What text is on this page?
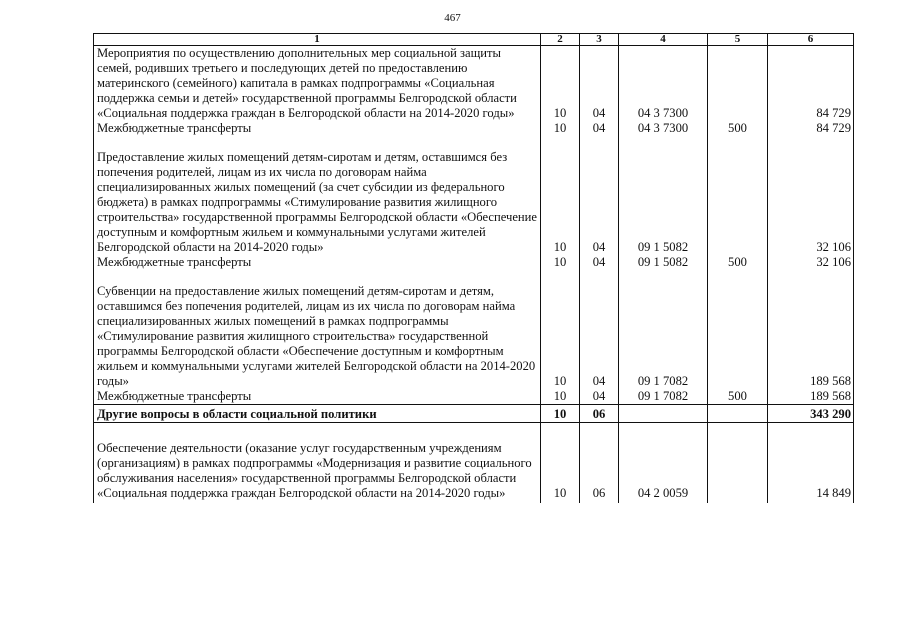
467
1	2	3	4	5	6
Мероприятия по осуществлению дополнительных мер социальной защиты семей, родивших третьего и последующих детей по предоставлению материнского (семейного) капитала в рамках подпрограммы «Социальная поддержка семьи и детей» государственной программы Белгородской области «Социальная поддержка граждан в Белгородской области на 2014-2020 годы»	10	04	04 3 7300		84 729
Межбюджетные трансферты	10	04	04 3 7300	500	84 729

Предоставление жилых помещений детям-сиротам и детям, оставшимся без попечения родителей, лицам из их числа по договорам найма специализированных жилых помещений (за счет субсидии из федерального бюджета) в рамках подпрограммы «Стимулирование развития жилищного строительства» государственной программы Белгородской области «Обеспечение доступным и комфортным жильем и коммунальными услугами жителей Белгородской области на 2014-2020 годы»	10	04	09 1 5082		32 106
Межбюджетные трансферты	10	04	09 1 5082	500	32 106

Субвенции на предоставление жилых помещений детям-сиротам и детям, оставшимся без попечения родителей, лицам из их числа по договорам найма специализированных жилых помещений в рамках подпрограммы «Стимулирование развития жилищного строительства» государственной программы Белгородской области «Обеспечение доступным и комфортным жильем и коммунальными услугами жителей Белгородской области на 2014-2020 годы»	10	04	09 1 7082		189 568
Межбюджетные трансферты	10	04	09 1 7082	500	189 568
Другие вопросы в области социальной политики	10	06			343 290

Обеспечение деятельности (оказание услуг государственным учреждениям (организациям) в рамках подпрограммы «Модернизация и развитие социального обслуживания населения» государственной программы Белгородской области «Социальная поддержка граждан Белгородской области на 2014-2020 годы»	10	06	04 2 0059		14 849
